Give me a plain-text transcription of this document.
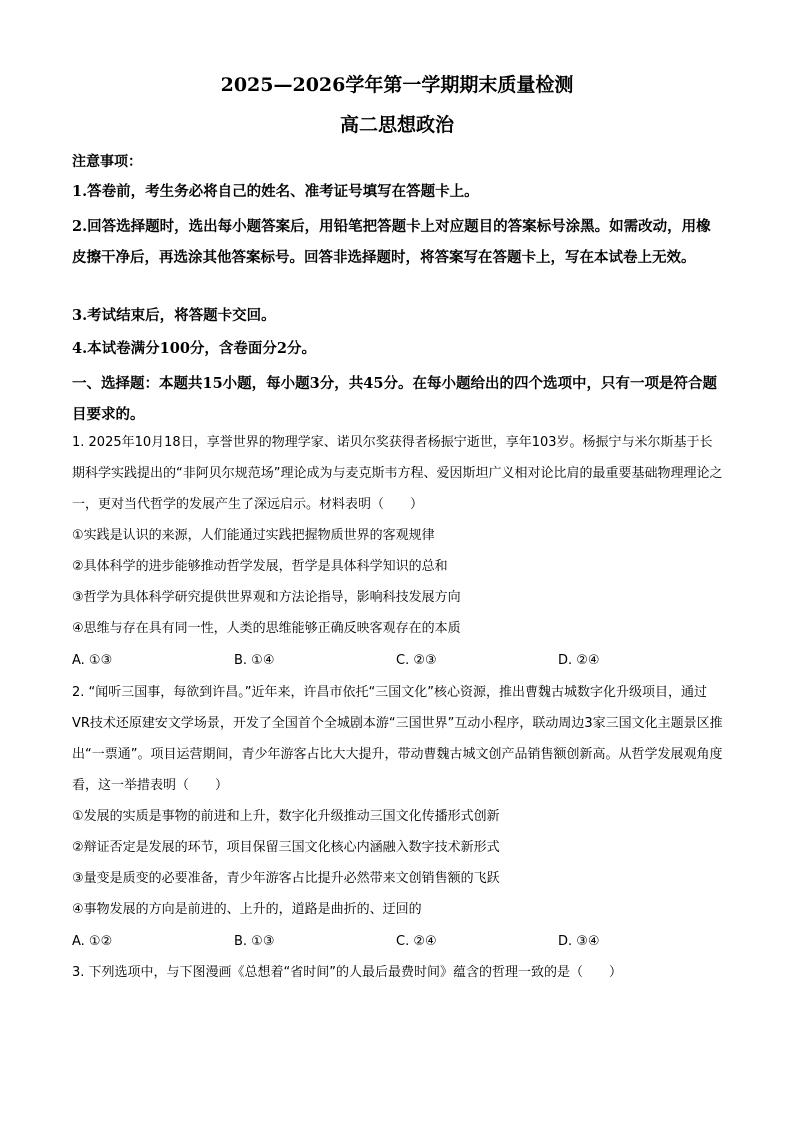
2025—2026学年第一学期期末质量检测
高二思想政治
注意事项：
1.答卷前，考生务必将自己的姓名、准考证号填写在答题卡上。
2.回答选择题时，选出每小题答案后，用铅笔把答题卡上对应题目的答案标号涂黑。如需改动，用橡皮擦干净后，再选涂其他答案标号。回答非选择题时，将答案写在答题卡上，写在本试卷上无效。
3.考试结束后，将答题卡交回。
4.本试卷满分100分，含卷面分2分。
一、选择题：本题共15小题，每小题3分，共45分。在每小题给出的四个选项中，只有一项是符合题目要求的。
1. 2025年10月18日，享誉世界的物理学家、诺贝尔奖获得者杨振宁逝世，享年103岁。杨振宁与米尔斯基于长期科学实践提出的“非阿贝尔规范场”理论成为与麦克斯韦方程、爱因斯坦广义相对论比肩的最重要基础物理理论之一，更对当代哲学的发展产生了深远启示。材料表明（　　）
①实践是认识的来源，人们能通过实践把握物质世界的客观规律
②具体科学的进步能够推动哲学发展，哲学是具体科学知识的总和
③哲学为具体科学研究提供世界观和方法论指导，影响科技发展方向
④思维与存在具有同一性，人类的思维能够正确反映客观存在的本质
A. ①③	B. ①④	C. ②③	D. ②④
2. “闻听三国事，每欲到许昌。”近年来，许昌市依托“三国文化”核心资源，推出曹魏古城数字化升级项目，通过VR技术还原建安文学场景，开发了全国首个全城剧本游“三国世界”互动小程序，联动周边3家三国文化主题景区推出“一票通”。项目运营期间，青少年游客占比大大提升，带动曹魏古城文创产品销售额创新高。从哲学发展观角度看，这一举措表明（　　）
①发展的实质是事物的前进和上升，数字化升级推动三国文化传播形式创新
②辩证否定是发展的环节，项目保留三国文化核心内涵融入数字技术新形式
③量变是质变的必要准备，青少年游客占比提升必然带来文创销售额的飞跃
④事物发展的方向是前进的、上升的，道路是曲折的、迂回的
A. ①②	B. ①③	C. ②④	D. ③④
3. 下列选项中，与下图漫画《总想着“省时间”的人最后最费时间》蕴含的哲理一致的是（　　）
